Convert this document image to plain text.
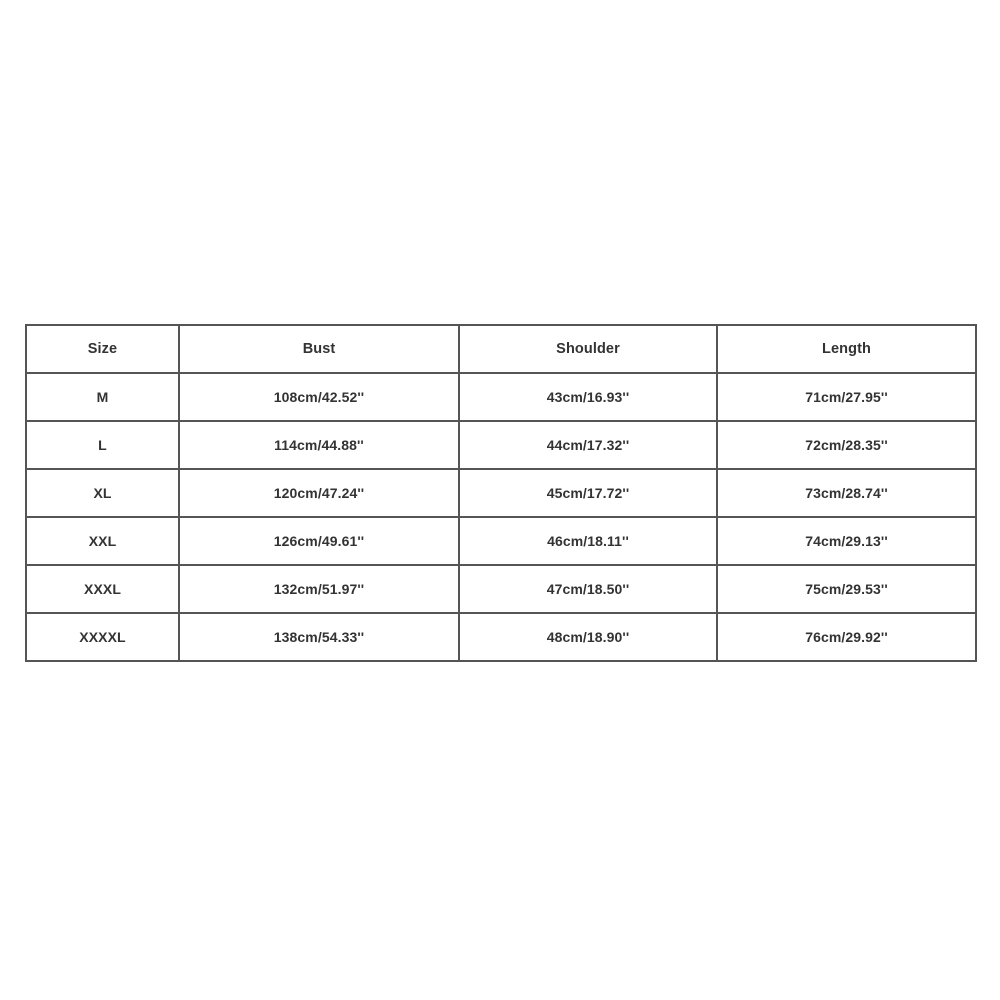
Size	Bust	Shoulder	Length
M	108cm/42.52''	43cm/16.93''	71cm/27.95''
L	114cm/44.88''	44cm/17.32''	72cm/28.35''
XL	120cm/47.24''	45cm/17.72''	73cm/28.74''
XXL	126cm/49.61''	46cm/18.11''	74cm/29.13''
XXXL	132cm/51.97''	47cm/18.50''	75cm/29.53''
XXXXL	138cm/54.33''	48cm/18.90''	76cm/29.92''
